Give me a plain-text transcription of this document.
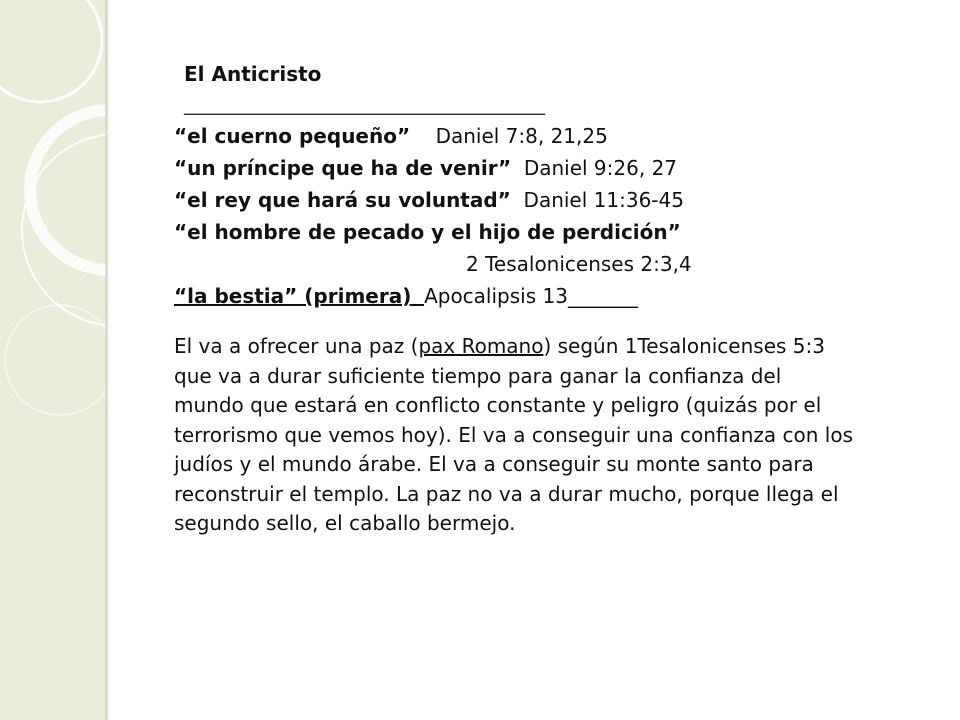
El Anticristo
________________________________________
“el cuerno pequeño” Daniel 7:8, 21,25
“un príncipe que ha de venir” Daniel 9:26, 27
“el rey que hará su voluntad” Daniel 11:36-45
“el hombre de pecado y el hijo de perdición”
2 Tesalonicenses 2:3,4
“la bestia” (primera) Apocalipsis 13_______
El va a ofrecer una paz (pax Romano) según 1Tesalonicenses 5:3 que va a durar suficiente tiempo para ganar la confianza del mundo que estará en conflicto constante y peligro (quizás por el terrorismo que vemos hoy). El va a conseguir una confianza con los judíos y el mundo árabe. El va a conseguir su monte santo para reconstruir el templo. La paz no va a durar mucho, porque llega el segundo sello, el caballo bermejo.
